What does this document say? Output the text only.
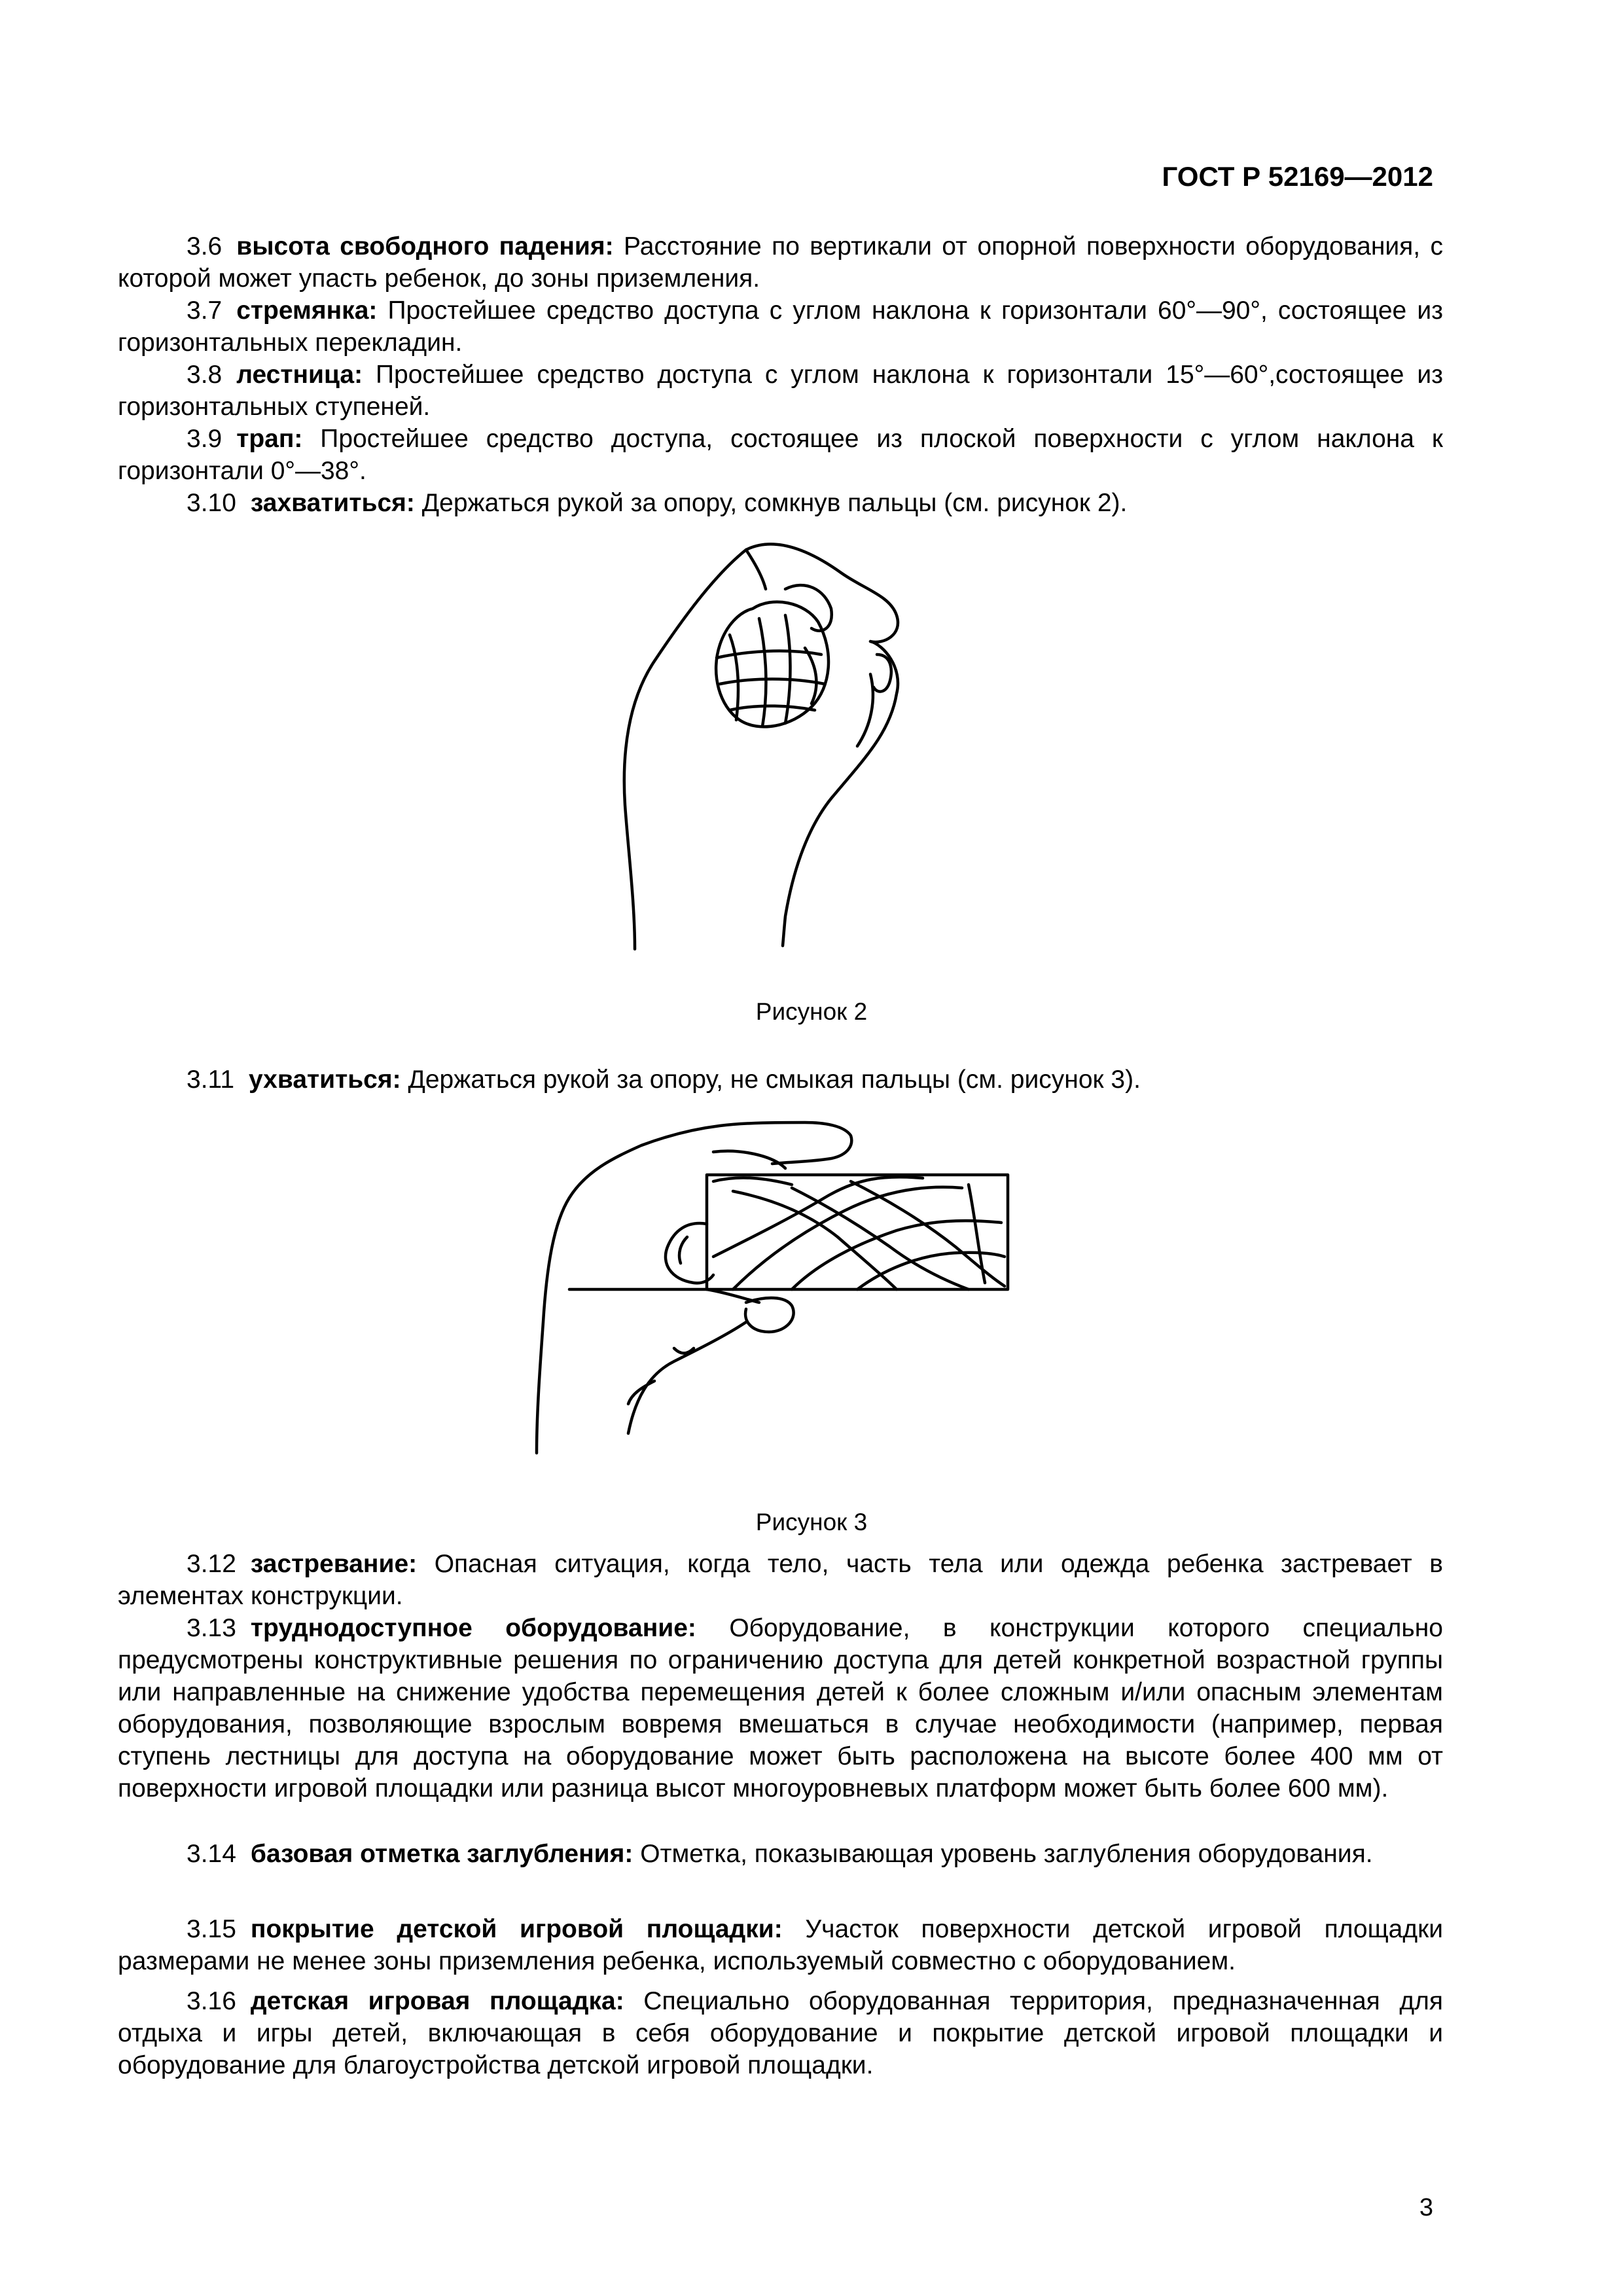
ГОСТ Р 52169—2012

3.6 высота свободного падения: Расстояние по вертикали от опорной поверхности оборудования, с которой может упасть ребенок, до зоны приземления.

3.7 стремянка: Простейшее средство доступа с углом наклона к горизонтали 60°—90°, состоящее из горизонтальных перекладин.

3.8 лестница: Простейшее средство доступа с углом наклона к горизонтали 15°—60°,состоящее из горизонтальных ступеней.

3.9 трап: Простейшее средство доступа, состоящее из плоской поверхности с углом наклона к горизонтали 0°—38°.

3.10 захватиться: Держаться рукой за опору, сомкнув пальцы (см. рисунок 2).

Рисунок 2

3.11 ухватиться: Держаться рукой за опору, не смыкая пальцы (см. рисунок 3).

Рисунок 3

3.12 застревание: Опасная ситуация, когда тело, часть тела или одежда ребенка застревает в элементах конструкции.

3.13 труднодоступное оборудование: Оборудование, в конструкции которого специально предусмотрены конструктивные решения по ограничению доступа для детей конкретной возрастной группы или направленные на снижение удобства перемещения детей к более сложным и/или опасным элементам оборудования, позволяющие взрослым вовремя вмешаться в случае необходимости (например, первая ступень лестницы для доступа на оборудование может быть расположена на высоте более 400 мм от поверхности игровой площадки или разница высот многоуровневых платформ может быть более 600 мм).

3.14 базовая отметка заглубления: Отметка, показывающая уровень заглубления оборудования.

3.15 покрытие детской игровой площадки: Участок поверхности детской игровой площадки размерами не менее зоны приземления ребенка, используемый совместно с оборудованием.

3.16 детская игровая площадка: Специально оборудованная территория, предназначенная для отдыха и игры детей, включающая в себя оборудование и покрытие детской игровой площадки и оборудование для благоустройства детской игровой площадки.

3
